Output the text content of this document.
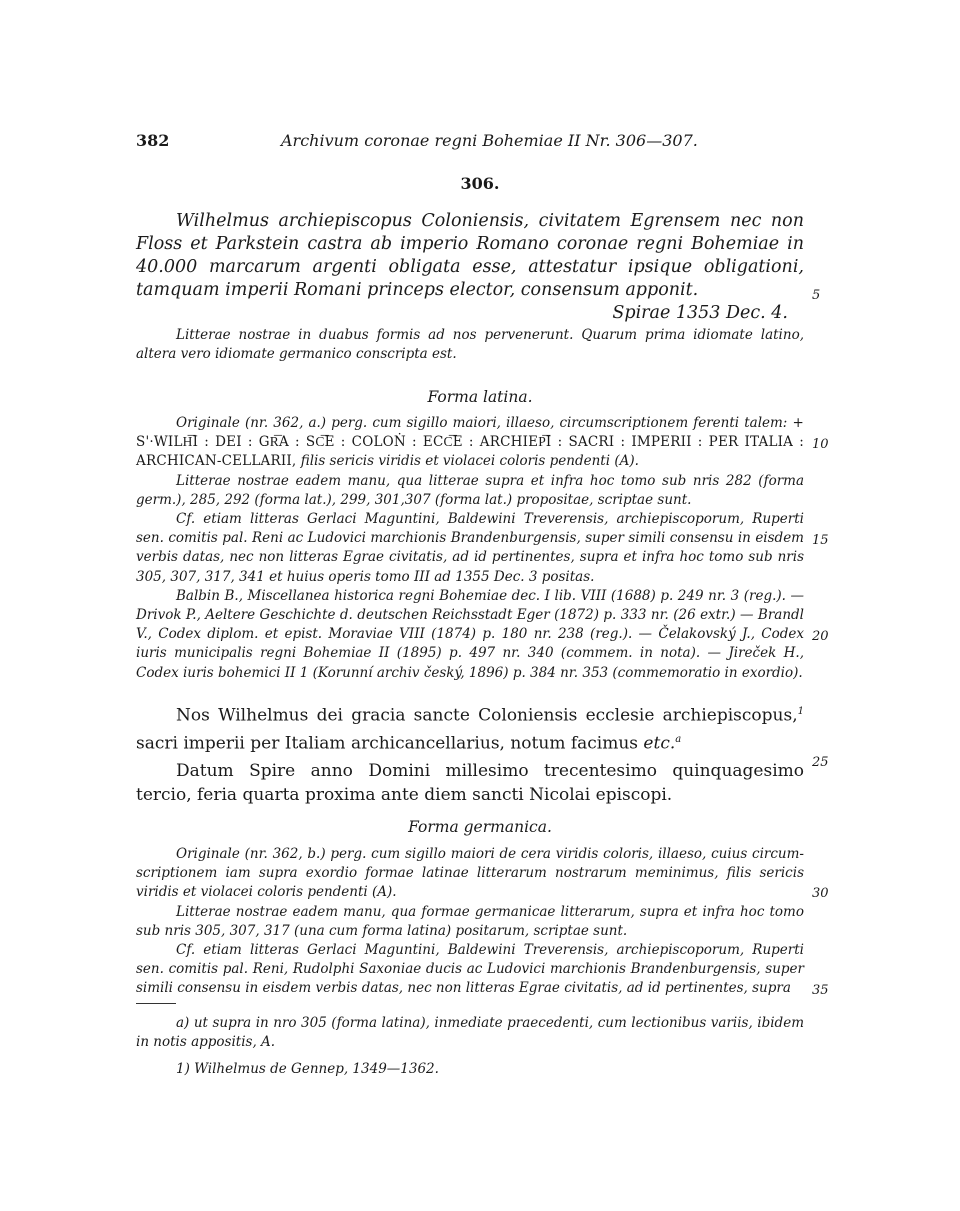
382	Archivum coronae regni Bohemiae II Nr. 306—307.
306.
Wilhelmus archiepiscopus Coloniensis, civitatem Egrensem nec non Floss et Parkstein castra ab imperio Romano coronae regni Bohemiae in 40.000 marcarum argenti obligata esse, attestatur ipsique obligationi, tamquam imperii Romani princeps elector, consensum apponit.
Spirae 1353 Dec. 4.

Litterae nostrae in duabus formis ad nos pervenerunt. Quarum prima idiomate latino, altera vero idiomate germanico conscripta est.

Forma latina.

Originale (nr. 362, a.) perg. cum sigillo maiori, illaeso, circumscriptionem ferenti talem: + S'·WILH͞I : DEI : GR͞A : SC͞E : COLOṄ : ECC͞E : ARCHIEP͞I : SACRI : IMPERII : PER ITALIA : ARCHICAN-CELLARII, filis sericis viridis et violacei coloris pendenti (A).

Litterae nostrae eadem manu, qua litterae supra et infra hoc tomo sub nris 282 (forma germ.), 285, 292 (forma lat.), 299, 301,307 (forma lat.) propositae, scriptae sunt.

Cf. etiam litteras Gerlaci Maguntini, Baldewini Treverensis, archiepiscoporum, Ruperti sen. comitis pal. Reni ac Ludovici marchionis Brandenburgensis, super simili consensu in eisdem verbis datas, nec non litteras Egrae civitatis, ad id pertinentes, supra et infra hoc tomo sub nris 305, 307, 317, 341 et huius operis tomo III ad 1355 Dec. 3 positas.

Balbin B., Miscellanea historica regni Bohemiae dec. I lib. VIII (1688) p. 249 nr. 3 (reg.). — Drivok P., Aeltere Geschichte d. deutschen Reichsstadt Eger (1872) p. 333 nr. (26 extr.) — Brandl V., Codex diplom. et epist. Moraviae VIII (1874) p. 180 nr. 238 (reg.). — Čelakovský J., Codex iuris municipalis regni Bohemiae II (1895) p. 497 nr. 340 (commem. in nota). — Jireček H., Codex iuris bohemici II 1 (Korunní archiv český, 1896) p. 384 nr. 353 (commemoratio in exordio).

Nos Wilhelmus dei gracia sancte Coloniensis ecclesie archiepiscopus,$^1$ sacri imperii per Italiam archicancellarius, notum facimus etc.$^a$

Datum Spire anno Domini millesimo trecentesimo quinquagesimo tercio, feria quarta proxima ante diem sancti Nicolai episcopi.

Forma germanica.

Originale (nr. 362, b.) perg. cum sigillo maiori de cera viridis coloris, illaeso, cuius circum-scriptionem iam supra exordio formae latinae litterarum nostrarum meminimus, filis sericis viridis et violacei coloris pendenti (A).

Litterae nostrae eadem manu, qua formae germanicae litterarum, supra et infra hoc tomo sub nris 305, 307, 317 (una cum forma latina) positarum, scriptae sunt.

Cf. etiam litteras Gerlaci Maguntini, Baldewini Treverensis, archiepiscoporum, Ruperti sen. comitis pal. Reni, Rudolphi Saxoniae ducis ac Ludovici marchionis Brandenburgensis, super simili consensu in eisdem verbis datas, nec non litteras Egrae civitatis, ad id pertinentes, supra

a) ut supra in nro 305 (forma latina), inmediate praecedenti, cum lectionibus variis, ibidem in notis appositis, A.

1) Wilhelmus de Gennep, 1349—1362.

5
10
15
20
25
30
35
